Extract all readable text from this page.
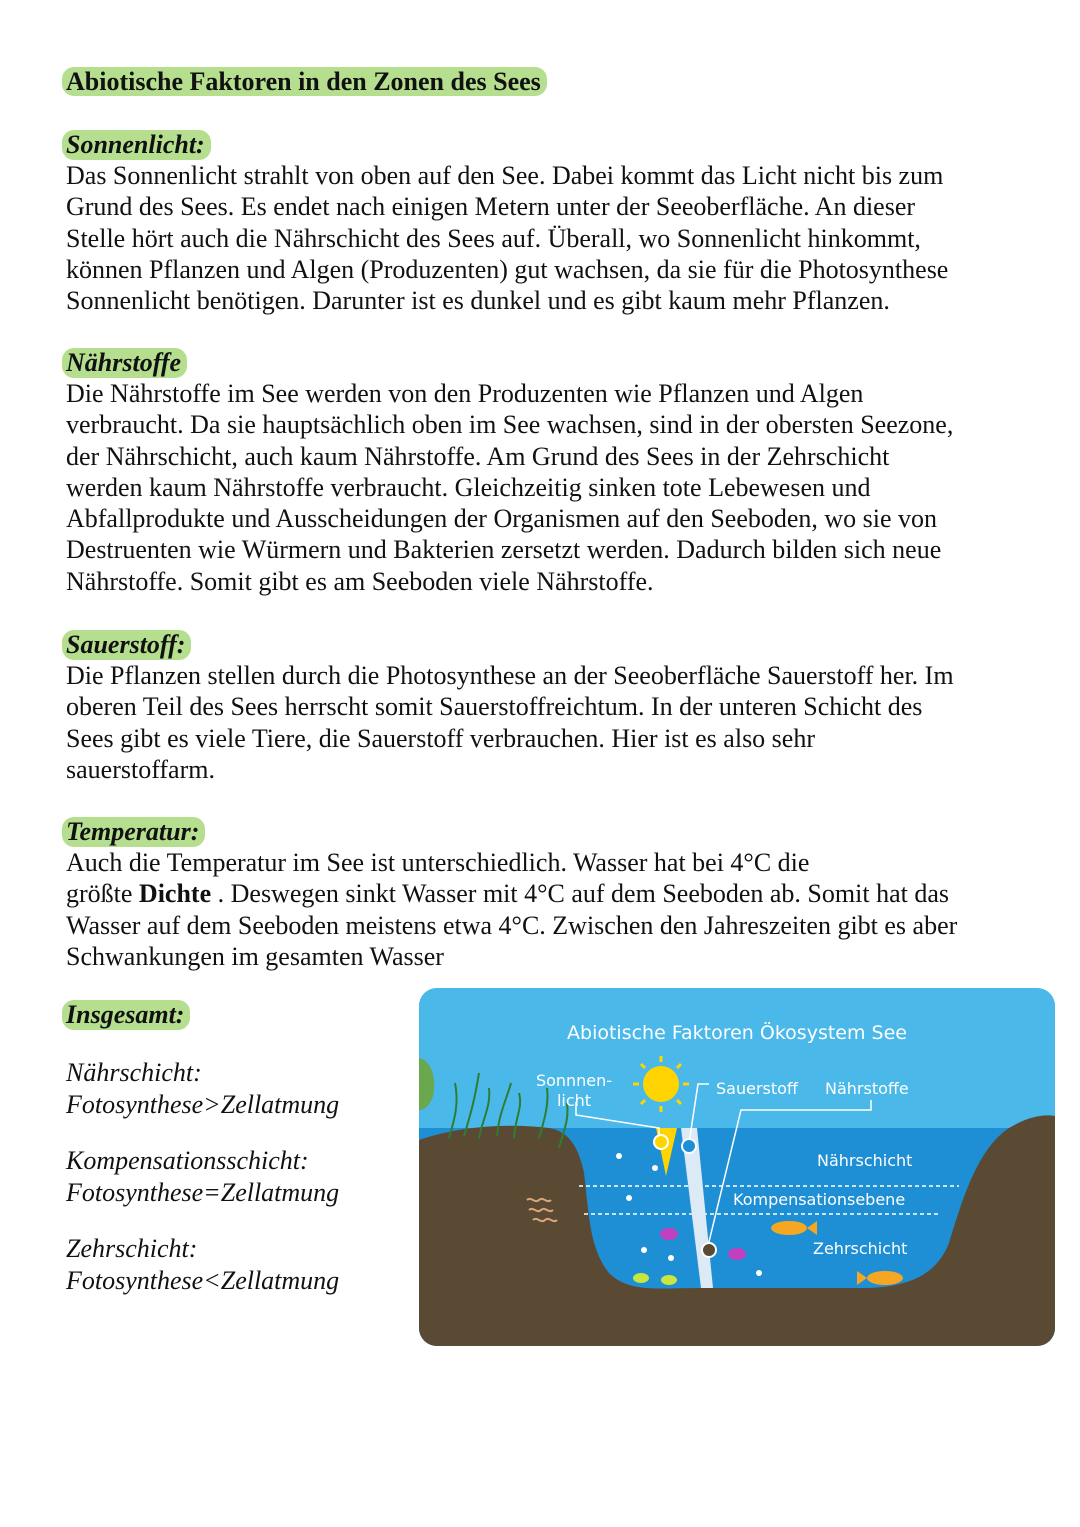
Abiotische Faktoren in den Zonen des Sees
Sonnenlicht:

Das Sonnenlicht strahlt von oben auf den See. Dabei kommt das Licht nicht bis zum
Grund des Sees. Es endet nach einigen Metern unter der Seeoberfläche. An dieser
Stelle hört auch die Nährschicht des Sees auf. Überall, wo Sonnenlicht hinkommt,
können Pflanzen und Algen (Produzenten) gut wachsen, da sie für die Photosynthese
Sonnenlicht benötigen. Darunter ist es dunkel und es gibt kaum mehr Pflanzen.

Nährstoffe

Die Nährstoffe im See werden von den Produzenten wie Pflanzen und Algen
verbraucht. Da sie hauptsächlich oben im See wachsen, sind in der obersten Seezone,
der Nährschicht, auch kaum Nährstoffe. Am Grund des Sees in der Zehrschicht
werden kaum Nährstoffe verbraucht. Gleichzeitig sinken tote Lebewesen und
Abfallprodukte und Ausscheidungen der Organismen auf den Seeboden, wo sie von
Destruenten wie Würmern und Bakterien zersetzt werden. Dadurch bilden sich neue
Nährstoffe. Somit gibt es am Seeboden viele Nährstoffe.

Sauerstoff:

Die Pflanzen stellen durch die Photosynthese an der Seeoberfläche Sauerstoff her. Im
oberen Teil des Sees herrscht somit Sauerstoffreichtum. In der unteren Schicht des
Sees gibt es viele Tiere, die Sauerstoff verbrauchen. Hier ist es also sehr
sauerstoffarm.

Temperatur:

Auch die Temperatur im See ist unterschiedlich. Wasser hat bei 4°C die
größte Dichte . Deswegen sinkt Wasser mit 4°C auf dem Seeboden ab. Somit hat das
Wasser auf dem Seeboden meistens etwa 4°C. Zwischen den Jahreszeiten gibt es aber
Schwankungen im gesamten Wasser

Insgesamt:

Nährschicht:

Fotosynthese>Zellatmung

Kompensationsschicht:

Fotosynthese=Zellatmung

Zehrschicht:

Fotosynthese<Zellatmung

Abiotische Faktoren Ökosystem See
Sonnnen-
licht
Sauerstoff Nährstoffe
Nährschicht
Kompensationsebene
Zehrschicht
